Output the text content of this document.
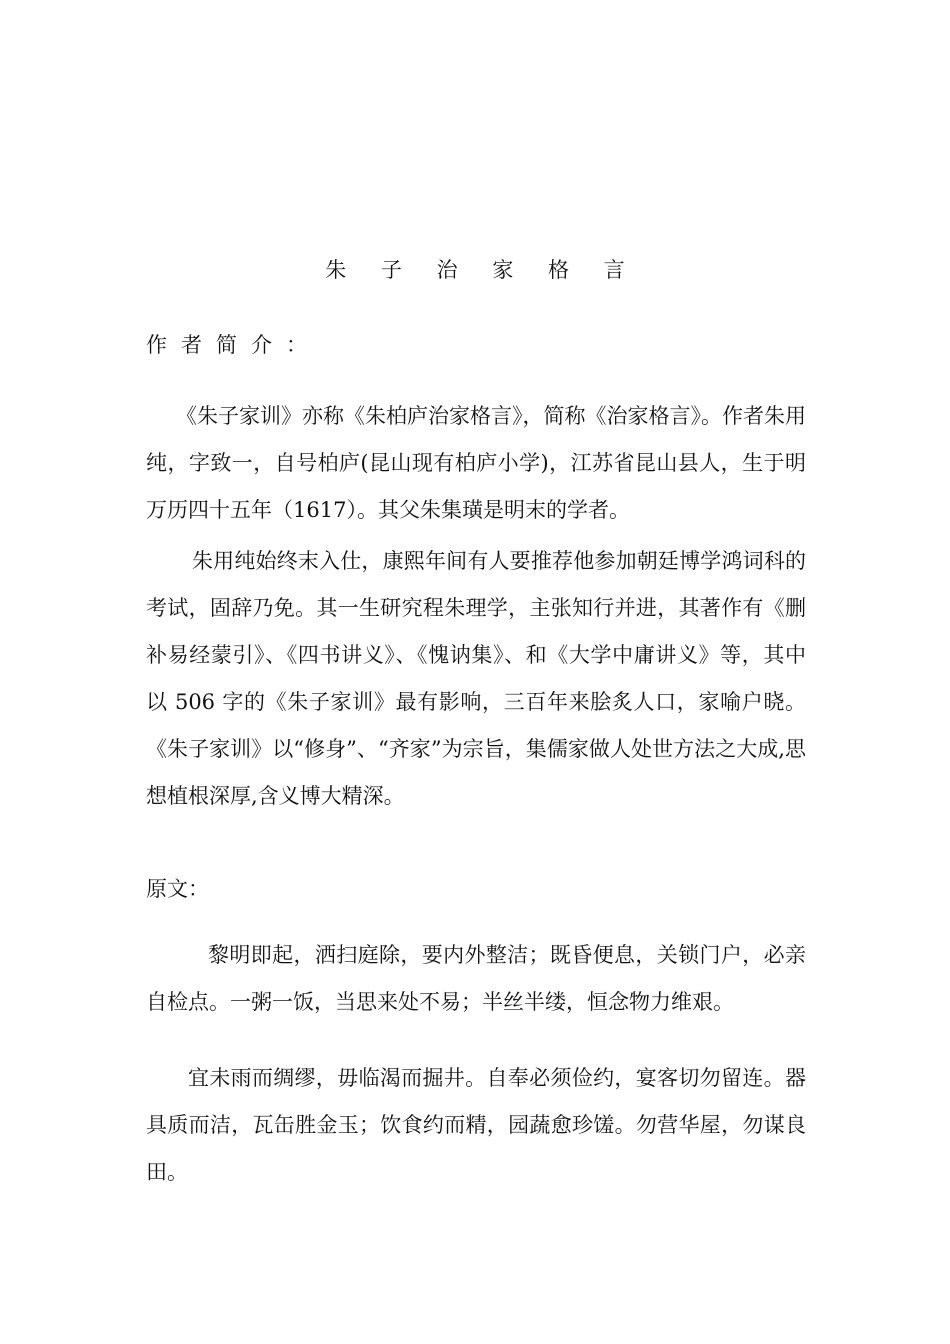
朱 子 治 家 格 言
作者简介：

《朱子家训》亦称《朱柏庐治家格言》，简称《治家格言》。作者朱用纯，字致一，自号柏庐(昆山现有柏庐小学)，江苏省昆山县人，生于明万历四十五年（1617）。其父朱集璜是明末的学者。

朱用纯始终末入仕，康熙年间有人要推荐他参加朝廷博学鸿词科的考试，固辞乃免。其一生研究程朱理学，主张知行并进，其著作有《删补易经蒙引》、《四书讲义》、《愧讷集》、和《大学中庸讲义》等，其中以 506 字的《朱子家训》最有影响，三百年来脍炙人口，家喻户晓。《朱子家训》以“修身”、“齐家”为宗旨，集儒家做人处世方法之大成,思想植根深厚,含义博大精深。

原文：

黎明即起，洒扫庭除，要内外整洁；既昏便息，关锁门户，必亲自检点。一粥一饭，当思来处不易；半丝半缕，恒念物力维艰。

宜未雨而绸缪，毋临渴而掘井。自奉必须俭约，宴客切勿留连。器具质而洁，瓦缶胜金玉；饮食约而精，园蔬愈珍馐。勿营华屋，勿谋良田。
